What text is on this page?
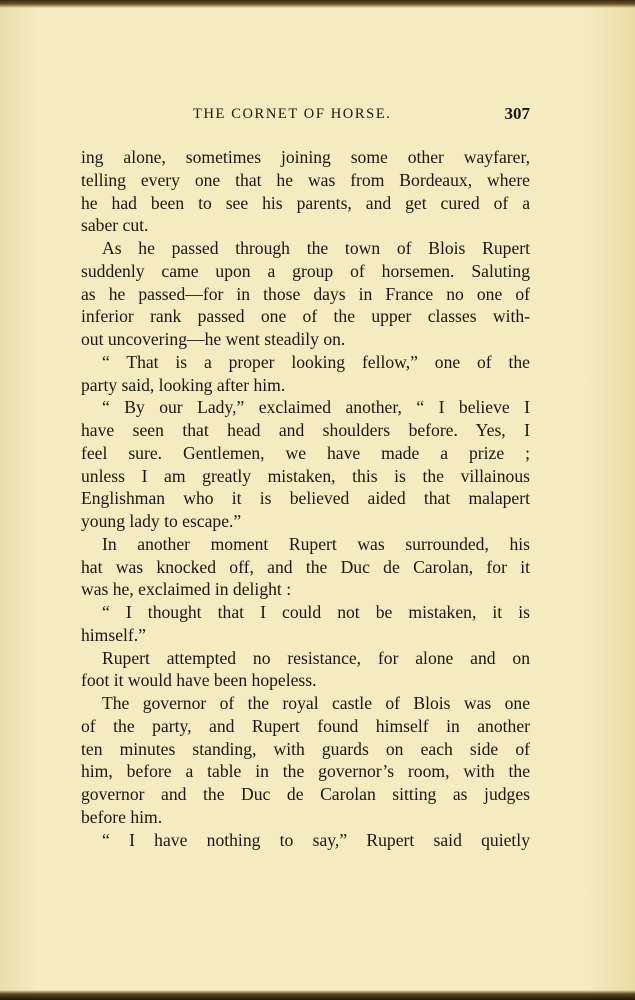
THE CORNET OF HORSE.	307
ing alone, sometimes joining some other wayfarer,
telling every one that he was from Bordeaux, where
he had been to see his parents, and get cured of a
saber cut.
As he passed through the town of Blois Rupert
suddenly came upon a group of horsemen. Saluting
as he passed—for in those days in France no one of
inferior rank passed one of the upper classes with-
out uncovering—he went steadily on.
“ That is a proper looking fellow,” one of the
party said, looking after him.
“ By our Lady,” exclaimed another, “ I believe I
have seen that head and shoulders before. Yes, I
feel sure. Gentlemen, we have made a prize ;
unless I am greatly mistaken, this is the villainous
Englishman who it is believed aided that malapert
young lady to escape.”
In another moment Rupert was surrounded, his
hat was knocked off, and the Duc de Carolan, for it
was he, exclaimed in delight :
“ I thought that I could not be mistaken, it is
himself.”
Rupert attempted no resistance, for alone and on
foot it would have been hopeless.
The governor of the royal castle of Blois was one
of the party, and Rupert found himself in another
ten minutes standing, with guards on each side of
him, before a table in the governor’s room, with the
governor and the Duc de Carolan sitting as judges
before him.
“ I have nothing to say,” Rupert said quietly
